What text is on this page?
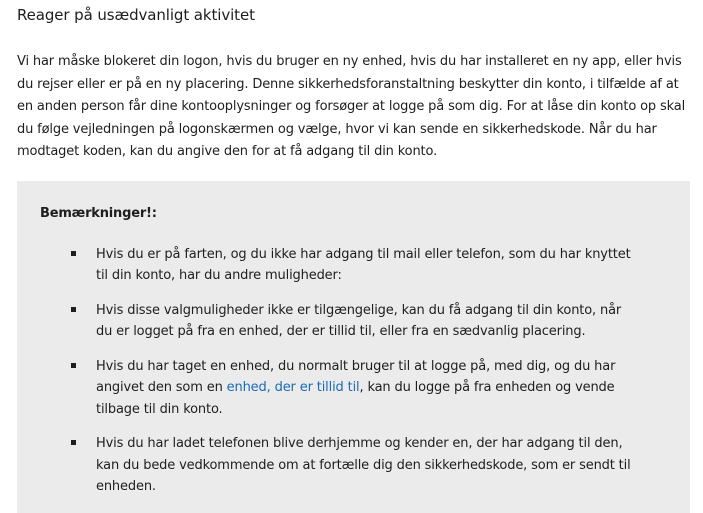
Reager på usædvanligt aktivitet

Vi har måske blokeret din logon, hvis du bruger en ny enhed, hvis du har installeret en ny app, eller hvis du rejser eller er på en ny placering. Denne sikkerhedsforanstaltning beskytter din konto, i tilfælde af at en anden person får dine kontooplysninger og forsøger at logge på som dig. For at låse din konto op skal du følge vejledningen på logonskærmen og vælge, hvor vi kan sende en sikkerhedskode. Når du har modtaget koden, kan du angive den for at få adgang til din konto.

Bemærkninger!:

Hvis du er på farten, og du ikke har adgang til mail eller telefon, som du har knyttet til din konto, har du andre muligheder:
Hvis disse valgmuligheder ikke er tilgængelige, kan du få adgang til din konto, når du er logget på fra en enhed, der er tillid til, eller fra en sædvanlig placering.
Hvis du har taget en enhed, du normalt bruger til at logge på, med dig, og du har angivet den som en enhed, der er tillid til, kan du logge på fra enheden og vende tilbage til din konto.
Hvis du har ladet telefonen blive derhjemme og kender en, der har adgang til den, kan du bede vedkommende om at fortælle dig den sikkerhedskode, som er sendt til enheden.
